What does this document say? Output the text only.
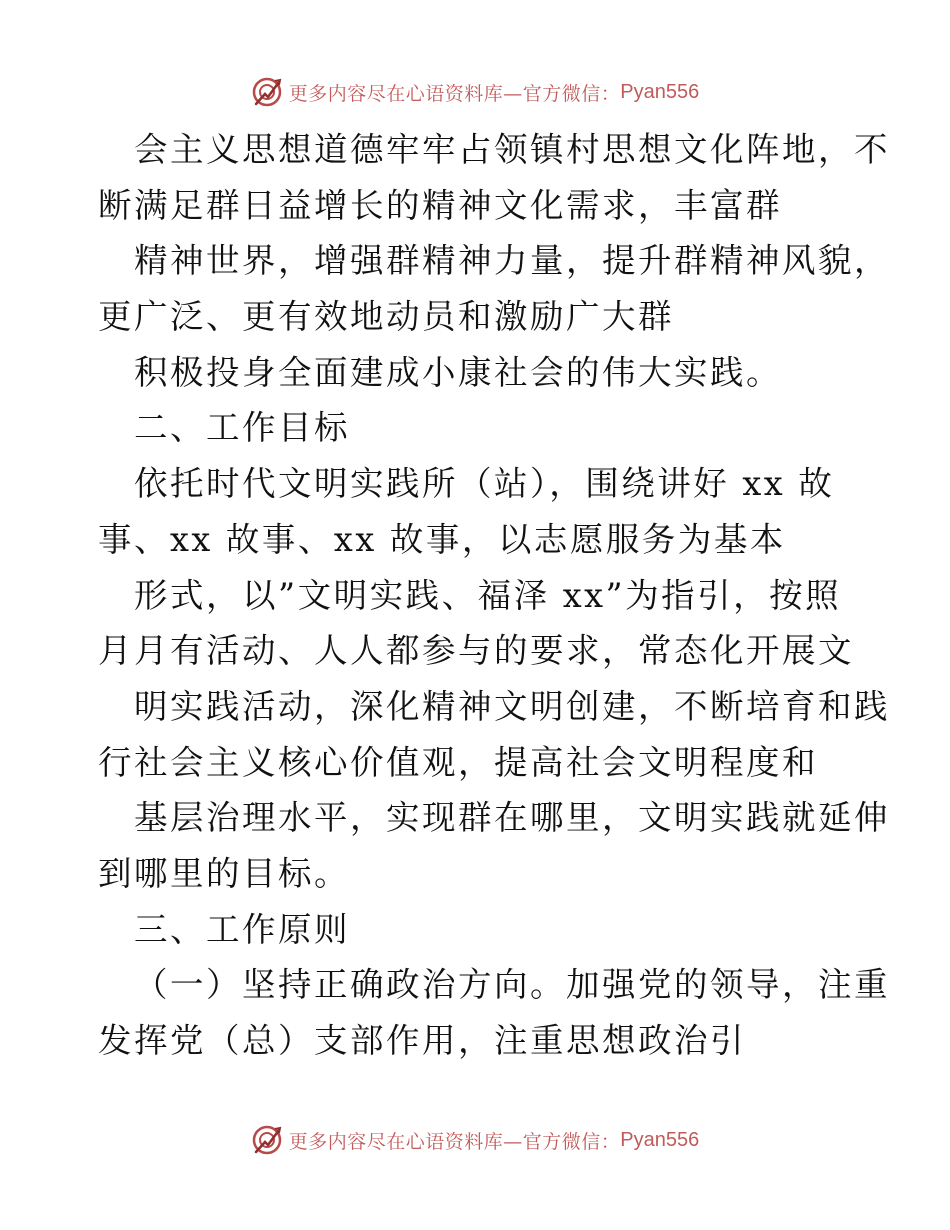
更多内容尽在心语资料库—官方微信： Pyan556
会主义思想道德牢牢占领镇村思想文化阵地，不
断满足群日益增长的精神文化需求，丰富群
精神世界，增强群精神力量，提升群精神风貌，
更广泛、更有效地动员和激励广大群
积极投身全面建成小康社会的伟大实践。
二、工作目标
依托时代文明实践所（站），围绕讲好 xx 故
事、xx 故事、xx 故事，以志愿服务为基本
形式，以”文明实践、福泽 xx”为指引，按照
月月有活动、人人都参与的要求，常态化开展文
明实践活动，深化精神文明创建，不断培育和践
行社会主义核心价值观，提高社会文明程度和
基层治理水平，实现群在哪里，文明实践就延伸
到哪里的目标。
三、工作原则
（一）坚持正确政治方向。加强党的领导，注重
发挥党（总）支部作用，注重思想政治引
更多内容尽在心语资料库—官方微信： Pyan556
